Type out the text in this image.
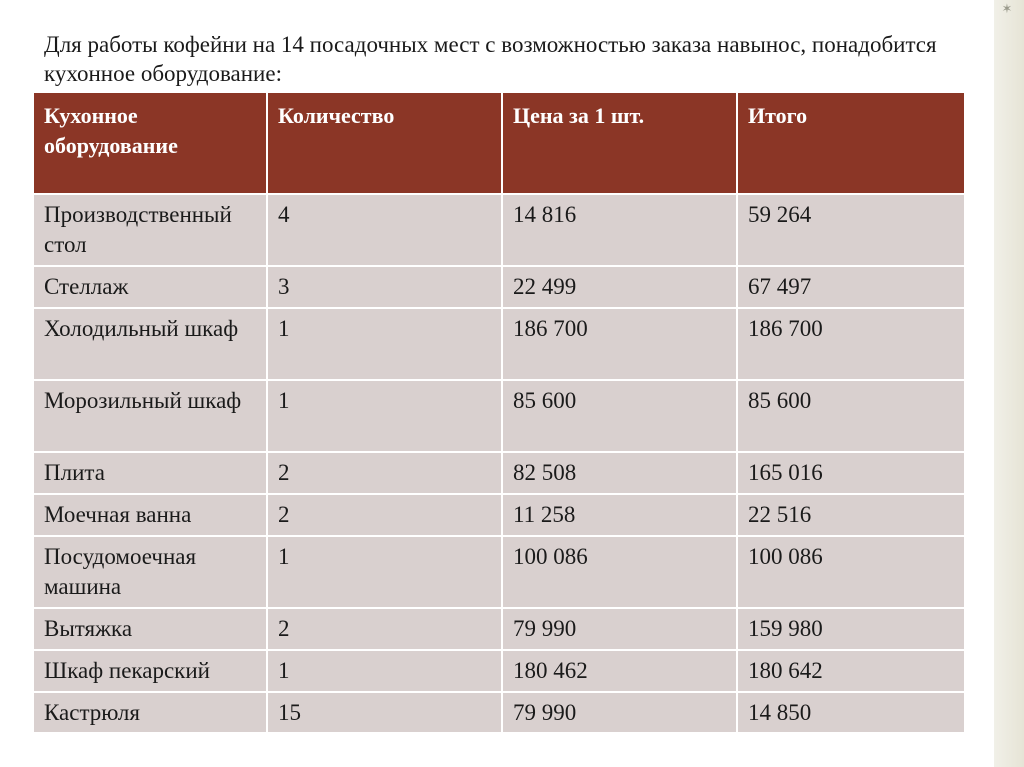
✶
Для работы кофейни на 14 посадочных мест с возможностью заказа навынос, понадобится кухонное оборудование:
Кухонное оборудование	Количество	Цена за 1 шт.	Итого
Производственный стол	4	14 816	59 264
Стеллаж	3	22 499	67 497
Холодильный шкаф	1	186 700	186 700
Морозильный шкаф	1	85 600	85 600
Плита	2	82 508	165 016
Моечная ванна	2	11 258	22 516
Посудомоечная машина	1	100 086	100 086
Вытяжка	2	79 990	159 980
Шкаф пекарский	1	180 462	180 642
Кастрюля	15	79 990	14 850
